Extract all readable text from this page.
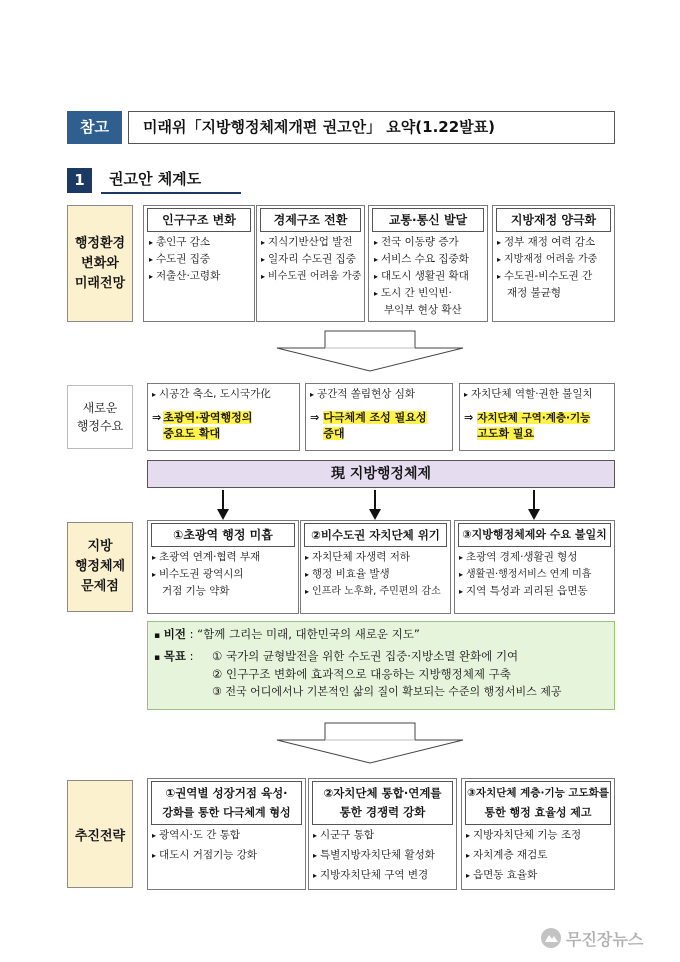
참고	미래위「지방행정체제개편 권고안」 요약(1.22발표)
1	권고안 체계도
행정환경
변화와
미래전망
인구구조 변화
▸ 총인구 감소
▸ 수도권 집중
▸ 저출산·고령화
경제구조 전환
▸ 지식기반산업 발전
▸ 일자리 수도권 집중
▸ 비수도권 어려움 가중
교통·통신 발달
▸ 전국 이동량 증가
▸ 서비스 수요 집중화
▸ 대도시 생활권 확대
▸ 도시 간 빈익빈·
부익부 현상 확산
지방재정 양극화
▸ 정부 재정 여력 감소
▸ 지방재정 어려움 가중
▸ 수도권-비수도권 간
재정 불균형
새로운
행정수요
▸ 시공간 축소, 도시국가化
⇒ 초광역·광역행정의
중요도 확대
▸ 공간적 쏠림현상 심화
⇒ 다극체계 조성 필요성
증대
▸ 자치단체 역할·권한 불일치
⇒ 자치단체 구역·계층·기능
고도화 필요
現 지방행정체제
지방
행정체제
문제점
①초광역 행정 미흡
▸ 초광역 연계·협력 부재
▸ 비수도권 광역시의
거점 기능 약화
②비수도권 자치단체 위기
▸ 자치단체 자생력 저하
▸ 행정 비효율 발생
▸ 인프라 노후화, 주민편의 감소
③지방행정체제와 수요 불일치
▸ 초광역 경제·생활권 형성
▸ 생활권·행정서비스 연계 미흡
▸ 지역 특성과 괴리된 읍면동
▪ 비전 : “함께 그리는 미래, 대한민국의 새로운 지도”
▪ 목표 :	① 국가의 균형발전을 위한 수도권 집중·지방소멸 완화에 기여
② 인구구조 변화에 효과적으로 대응하는 지방행정체제 구축
③ 전국 어디에서나 기본적인 삶의 질이 확보되는 수준의 행정서비스 제공
추진전략
①권역별 성장거점 육성·
강화를 통한 다극체계 형성
▸ 광역시·도 간 통합
▸ 대도시 거점기능 강화
②자치단체 통합·연계를
통한 경쟁력 강화
▸ 시군구 통합
▸ 특별지방자치단체 활성화
▸ 지방자치단체 구역 변경
③자치단체 계층·기능 고도화를
통한 행정 효율성 제고
▸ 지방자치단체 기능 조정
▸ 자치계층 재검토
▸ 읍면동 효율화
무진장뉴스
